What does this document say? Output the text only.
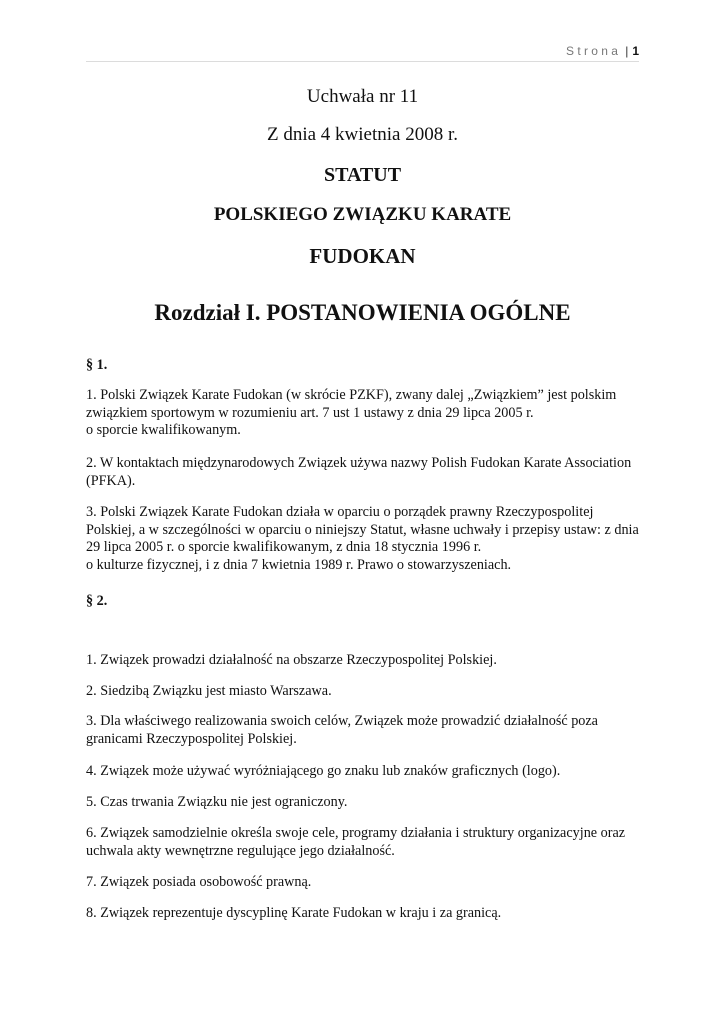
Strona | 1
Uchwała nr 11
Z dnia 4 kwietnia 2008 r.
STATUT
POLSKIEGO ZWIĄZKU KARATE
FUDOKAN
Rozdział I. POSTANOWIENIA OGÓLNE
§ 1.
1. Polski Związek Karate Fudokan (w skrócie PZKF), zwany dalej „Związkiem” jest polskim
związkiem sportowym w rozumieniu art. 7 ust 1 ustawy z dnia 29 lipca 2005 r.
o sporcie kwalifikowanym.
2. W kontaktach międzynarodowych Związek używa nazwy Polish Fudokan Karate Association
(PFKA).
3. Polski Związek Karate Fudokan działa w oparciu o porządek prawny Rzeczypospolitej
Polskiej, a w szczególności w oparciu o niniejszy Statut, własne uchwały i przepisy ustaw: z dnia
29 lipca 2005 r. o sporcie kwalifikowanym, z dnia 18 stycznia 1996 r.
o kulturze fizycznej, i z dnia 7 kwietnia 1989 r. Prawo o stowarzyszeniach.
§ 2.
1. Związek prowadzi działalność na obszarze Rzeczypospolitej Polskiej.
2. Siedzibą Związku jest miasto Warszawa.
3. Dla właściwego realizowania swoich celów, Związek może prowadzić działalność poza
granicami Rzeczypospolitej Polskiej.
4. Związek może używać wyróżniającego go znaku lub znaków graficznych (logo).
5. Czas trwania Związku nie jest ograniczony.
6. Związek samodzielnie określa swoje cele, programy działania i struktury organizacyjne oraz
uchwala akty wewnętrzne regulujące jego działalność.
7. Związek posiada osobowość prawną.
8. Związek reprezentuje dyscyplinę Karate Fudokan w kraju i za granicą.
